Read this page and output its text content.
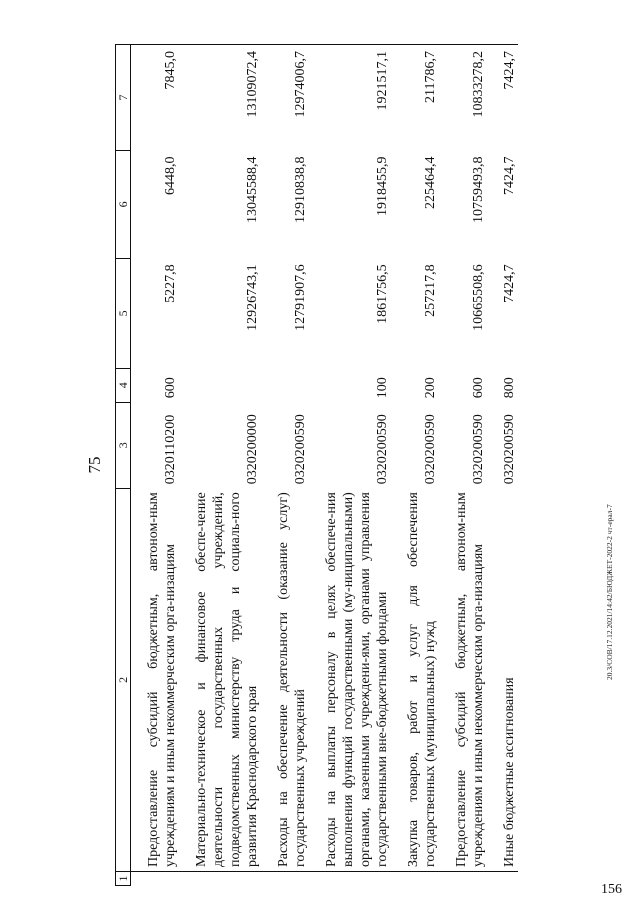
75
1	2	3	4	5	6	7
	Предоставление субсидий бюджетным, автоном-ным учреждениям и иным некоммерческим орга-низациям	0320110200	600	5227,8	6448,0	7845,0
	Материально-техническое и финансовое обеспе-чение деятельности государственных учреждений, подведомственных министерству труда и социаль-ного развития Краснодарского края	0320200000		12926743,1	13045588,4	13109072,4
	Расходы на обеспечение деятельности (оказание услуг) государственных учреждений	0320200590		12791907,6	12910838,8	12974006,7
	Расходы на выплаты персоналу в целях обеспече-ния выполнения функций государственными (му-ниципальными) органами, казенными учреждени-ями, органами управления государственными вне-бюджетными фондами	0320200590	100	1861756,5	1918455,9	1921517,1
	Закупка товаров, работ и услуг для обеспечения государственных (муниципальных) нужд	0320200590	200	257217,8	225464,4	211786,7
	Предоставление субсидий бюджетным, автоном-ным учреждениям и иным некоммерческим орга-низациям	0320200590	600	10665508,6	10759493,8	10833278,2
	Иные бюджетные ассигнования	0320200590	800	7424,7	7424,7	7424,7
20.3/СОВ/17.12.2021/14:42/БЮДЖЕТ-2022-2 чт-ерал-7
156
